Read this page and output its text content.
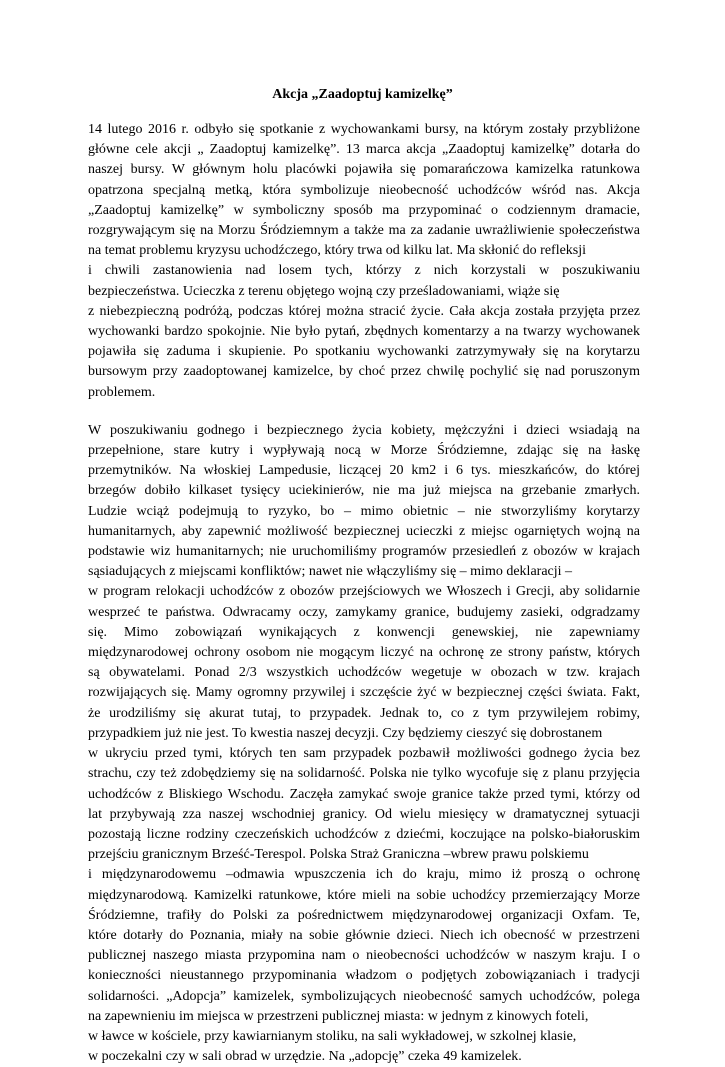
Akcja „Zaadoptuj kamizelkę”
14 lutego 2016 r. odbyło się spotkanie z wychowankami bursy, na którym zostały przybliżone
główne cele akcji „ Zaadoptuj kamizelkę”. 13 marca akcja „Zaadoptuj kamizelkę” dotarła do
naszej bursy. W głównym holu placówki pojawiła się pomarańczowa kamizelka ratunkowa
opatrzona specjalną metką, która symbolizuje nieobecność uchodźców wśród nas. Akcja
„Zaadoptuj kamizelkę” w symboliczny sposób ma przypominać o codziennym dramacie,
rozgrywającym się na Morzu Śródziemnym a także ma za zadanie uwrażliwienie społeczeństwa
na temat problemu kryzysu uchodźczego, który trwa od kilku lat. Ma skłonić do refleksji
i chwili zastanowienia nad losem tych, którzy z nich korzystali w poszukiwaniu
bezpieczeństwa. Ucieczka z terenu objętego wojną czy prześladowaniami, wiąże się
z niebezpieczną podróżą, podczas której można stracić życie. Cała akcja została przyjęta przez
wychowanki bardzo spokojnie. Nie było pytań, zbędnych komentarzy a na twarzy wychowanek
pojawiła się zaduma i skupienie. Po spotkaniu wychowanki zatrzymywały się na korytarzu
bursowym przy zaadoptowanej kamizelce, by choć przez chwilę pochylić się nad poruszonym
problemem.
W poszukiwaniu godnego i bezpiecznego życia kobiety, mężczyźni i dzieci wsiadają na
przepełnione, stare kutry i wypływają nocą w Morze Śródziemne, zdając się na łaskę
przemytników. Na włoskiej Lampedusie, liczącej 20 km2 i 6 tys. mieszkańców, do której
brzegów dobiło kilkaset tysięcy uciekinierów, nie ma już miejsca na grzebanie zmarłych.
Ludzie wciąż podejmują to ryzyko, bo – mimo obietnic – nie stworzyliśmy korytarzy
humanitarnych, aby zapewnić możliwość bezpiecznej ucieczki z miejsc ogarniętych wojną na
podstawie wiz humanitarnych; nie uruchomiliśmy programów przesiedleń z obozów w krajach
sąsiadujących z miejscami konfliktów; nawet nie włączyliśmy się – mimo deklaracji –
w program relokacji uchodźców z obozów przejściowych we Włoszech i Grecji, aby solidarnie
wesprzeć te państwa. Odwracamy oczy, zamykamy granice, budujemy zasieki, odgradzamy
się. Mimo zobowiązań wynikających z konwencji genewskiej, nie zapewniamy
międzynarodowej ochrony osobom nie mogącym liczyć na ochronę ze strony państw, których
są obywatelami. Ponad 2/3 wszystkich uchodźców wegetuje w obozach w tzw. krajach
rozwijających się. Mamy ogromny przywilej i szczęście żyć w bezpiecznej części świata. Fakt,
że urodziliśmy się akurat tutaj, to przypadek. Jednak to, co z tym przywilejem robimy,
przypadkiem już nie jest. To kwestia naszej decyzji. Czy będziemy cieszyć się dobrostanem
w ukryciu przed tymi, których ten sam przypadek pozbawił możliwości godnego życia bez
strachu, czy też zdobędziemy się na solidarność. Polska nie tylko wycofuje się z planu przyjęcia
uchodźców z Bliskiego Wschodu. Zaczęła zamykać swoje granice także przed tymi, którzy od
lat przybywają zza naszej wschodniej granicy. Od wielu miesięcy w dramatycznej sytuacji
pozostają liczne rodziny czeczeńskich uchodźców z dziećmi, koczujące na polsko-białoruskim
przejściu granicznym Brześć-Terespol. Polska Straż Graniczna –wbrew prawu polskiemu
i międzynarodowemu –odmawia wpuszczenia ich do kraju, mimo iż proszą o ochronę
międzynarodową. Kamizelki ratunkowe, które mieli na sobie uchodźcy przemierzający Morze
Śródziemne, trafiły do Polski za pośrednictwem międzynarodowej organizacji Oxfam. Te,
które dotarły do Poznania, miały na sobie głównie dzieci. Niech ich obecność w przestrzeni
publicznej naszego miasta przypomina nam o nieobecności uchodźców w naszym kraju. I o
konieczności nieustannego przypominania władzom o podjętych zobowiązaniach i tradycji
solidarności. „Adopcja” kamizelek, symbolizujących nieobecność samych uchodźców, polega
na zapewnieniu im miejsca w przestrzeni publicznej miasta: w jednym z kinowych foteli,
w ławce w kościele, przy kawiarnianym stoliku, na sali wykładowej, w szkolnej klasie,
w poczekalni czy w sali obrad w urzędzie. Na „adopcję” czeka 49 kamizelek.
